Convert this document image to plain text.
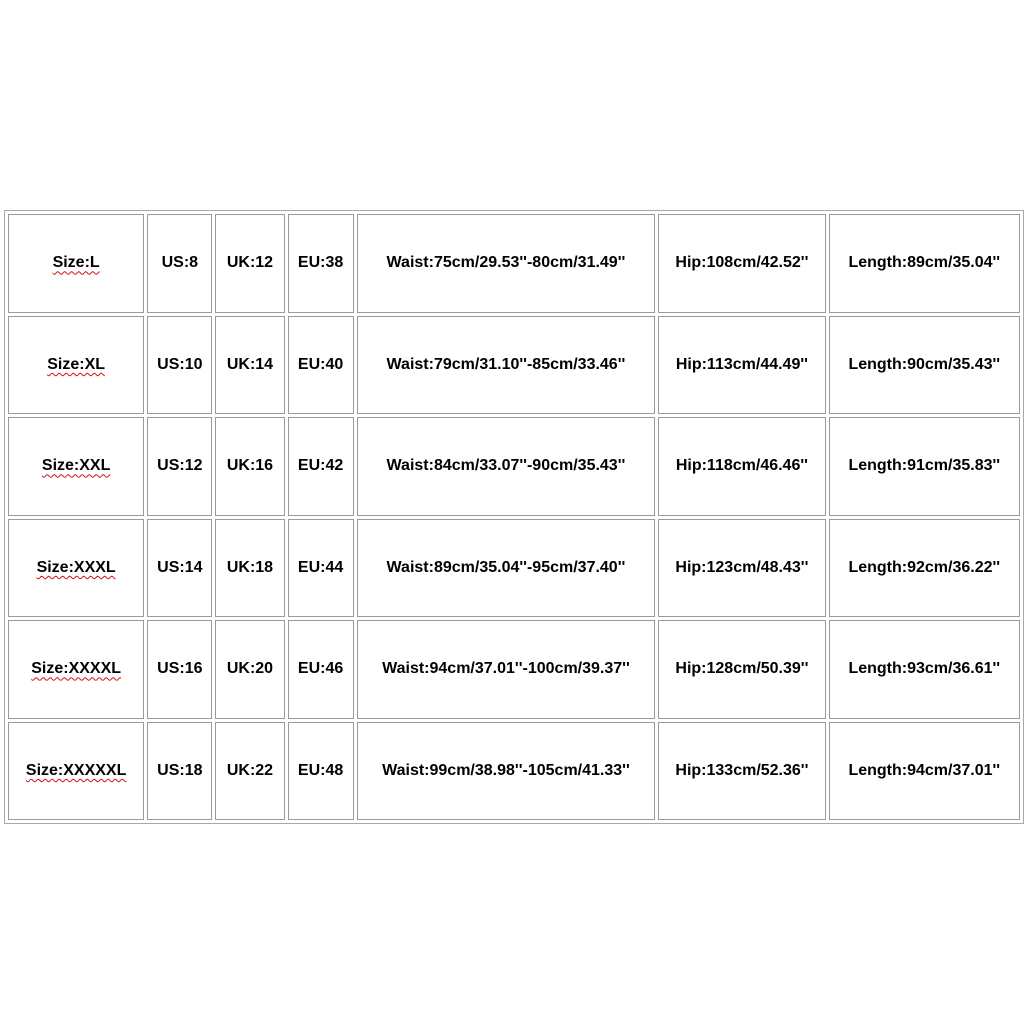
Size:L	US:8	UK:12	EU:38	Waist:75cm/29.53''-80cm/31.49''	Hip:108cm/42.52''	Length:89cm/35.04''
Size:XL	US:10	UK:14	EU:40	Waist:79cm/31.10''-85cm/33.46''	Hip:113cm/44.49''	Length:90cm/35.43''
Size:XXL	US:12	UK:16	EU:42	Waist:84cm/33.07''-90cm/35.43''	Hip:118cm/46.46''	Length:91cm/35.83''
Size:XXXL	US:14	UK:18	EU:44	Waist:89cm/35.04''-95cm/37.40''	Hip:123cm/48.43''	Length:92cm/36.22''
Size:XXXXL	US:16	UK:20	EU:46	Waist:94cm/37.01''-100cm/39.37''	Hip:128cm/50.39''	Length:93cm/36.61''
Size:XXXXXL	US:18	UK:22	EU:48	Waist:99cm/38.98''-105cm/41.33''	Hip:133cm/52.36''	Length:94cm/37.01''
